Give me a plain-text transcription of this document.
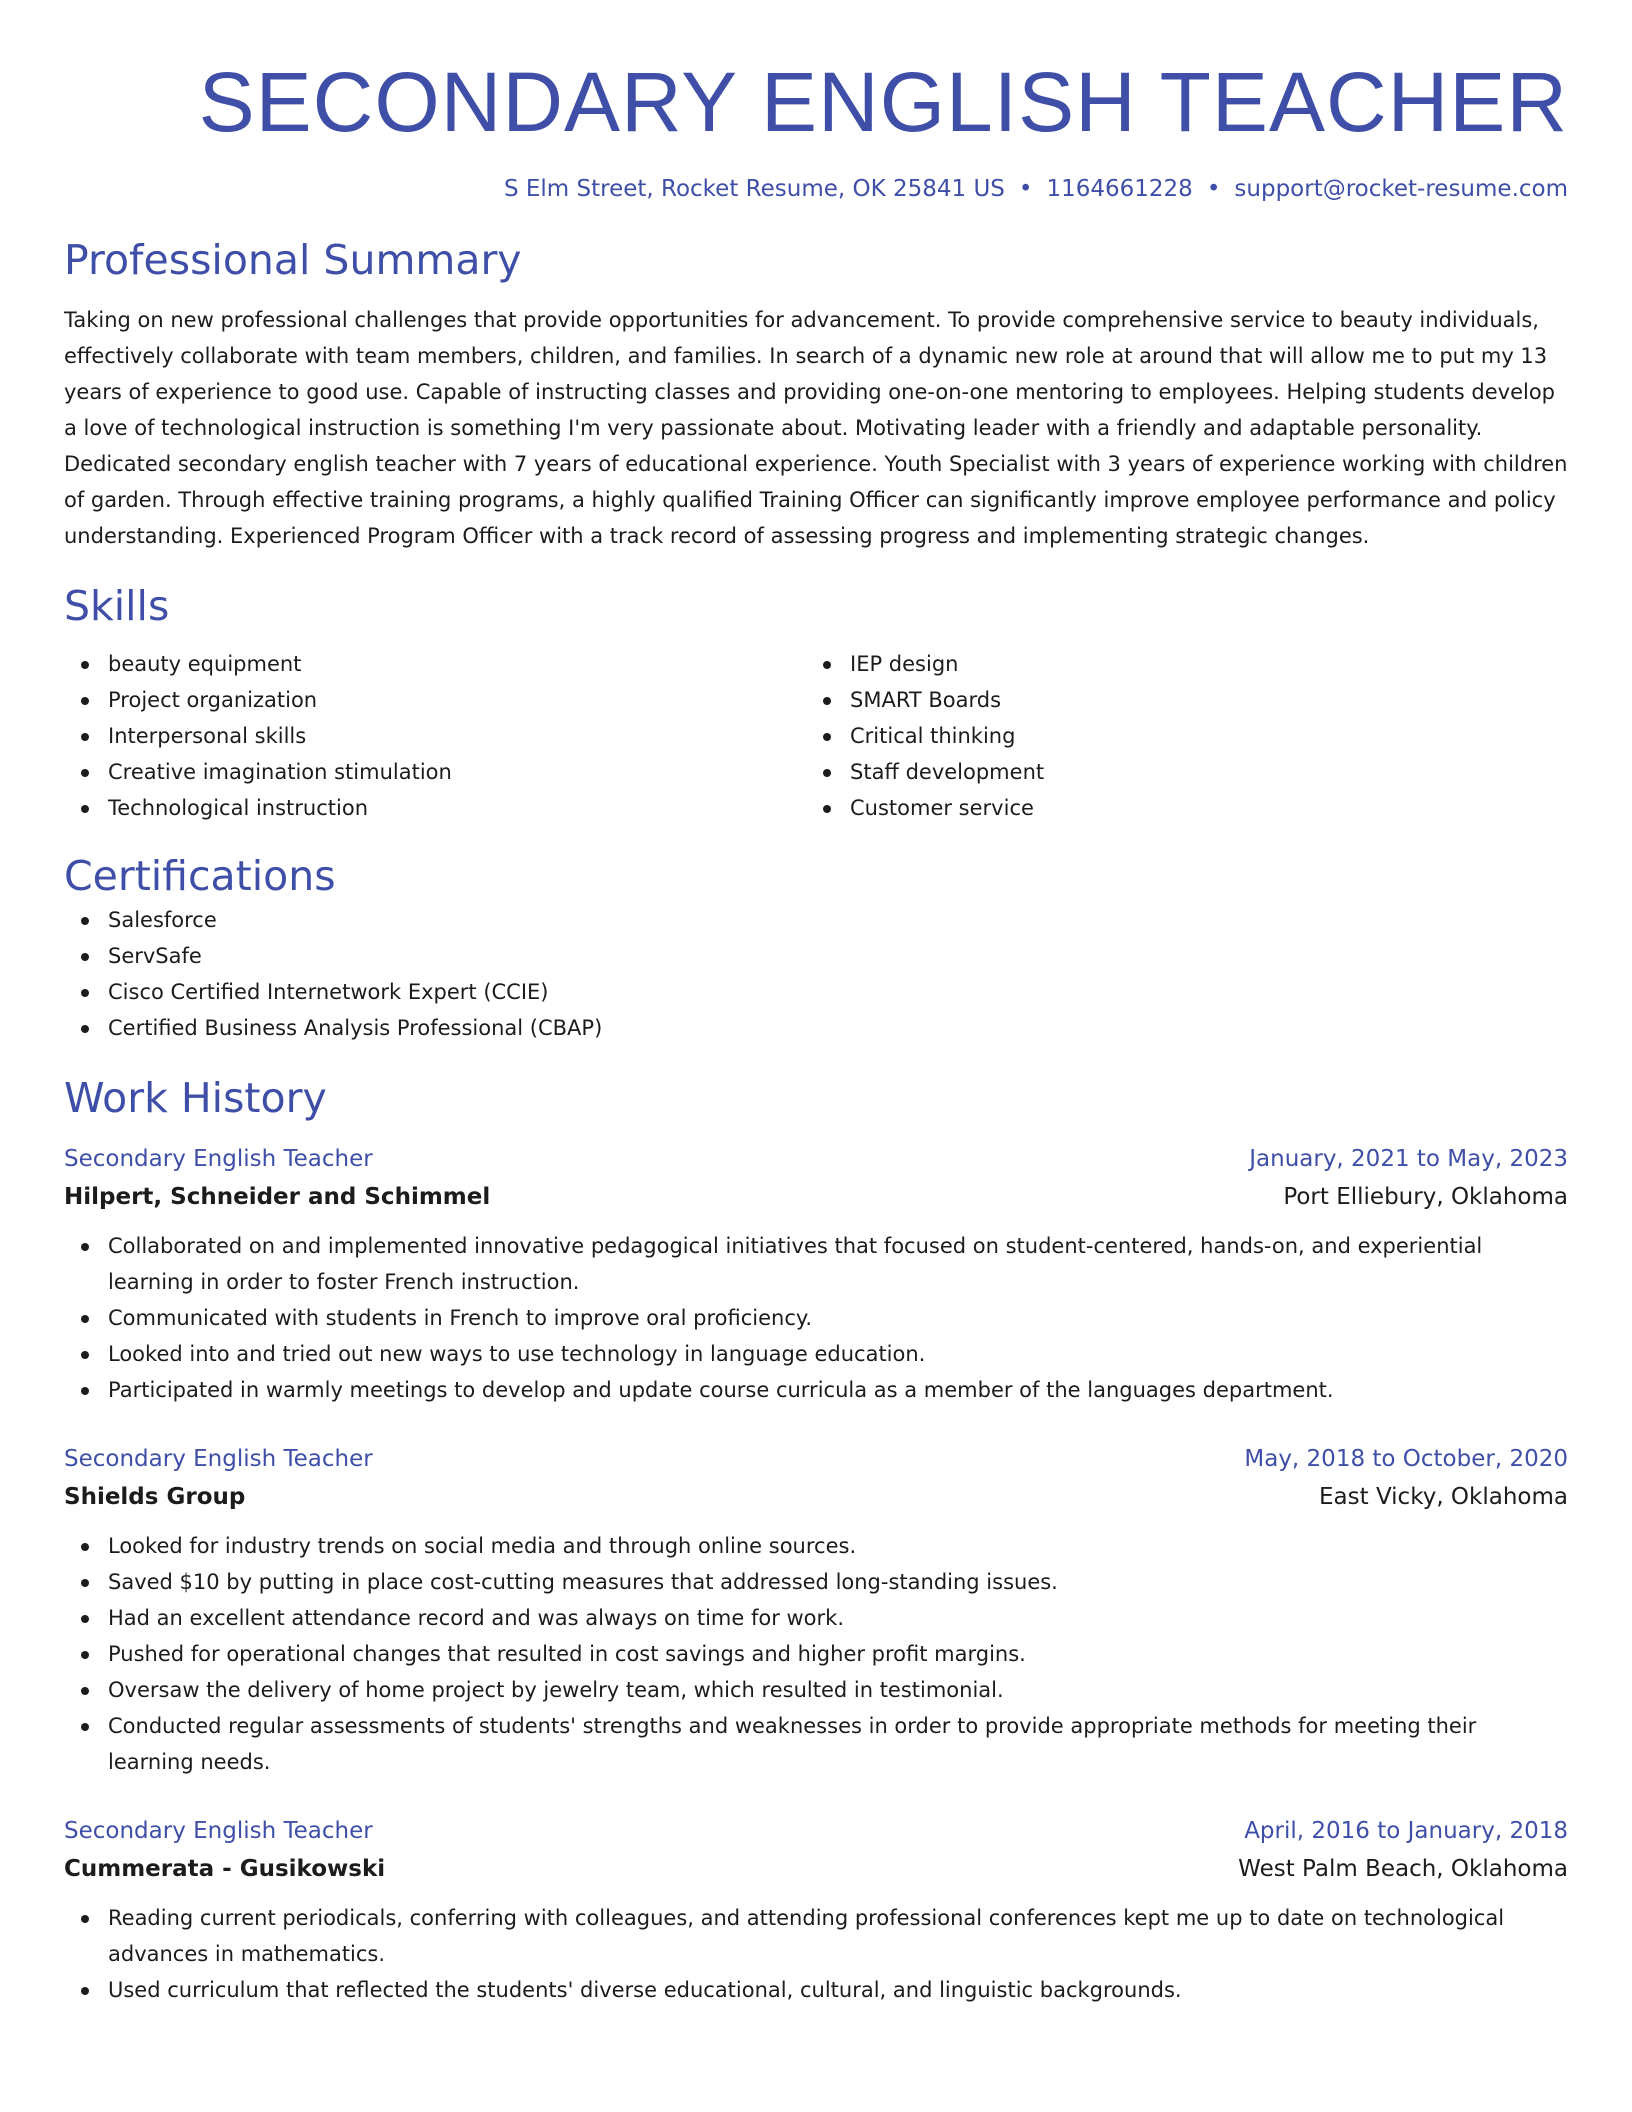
SECONDARY ENGLISH TEACHER
S Elm Street, Rocket Resume, OK 25841 US • 1164661228 • support@rocket-resume.com
Professional Summary

Taking on new professional challenges that provide opportunities for advancement. To provide comprehensive service to beauty individuals, effectively collaborate with team members, children, and families. In search of a dynamic new role at around that will allow me to put my 13 years of experience to good use. Capable of instructing classes and providing one-on-one mentoring to employees. Helping students develop a love of technological instruction is something I'm very passionate about. Motivating leader with a friendly and adaptable personality. Dedicated secondary english teacher with 7 years of educational experience. Youth Specialist with 3 years of experience working with children of garden. Through effective training programs, a highly qualified Training Officer can significantly improve employee performance and policy understanding. Experienced Program Officer with a track record of assessing progress and implementing strategic changes.

Skills
beauty equipment
Project organization
Interpersonal skills
Creative imagination stimulation
Technological instruction
IEP design
SMART Boards
Critical thinking
Staff development
Customer service
Certifications
Salesforce
ServSafe
Cisco Certified Internetwork Expert (CCIE)
Certified Business Analysis Professional (CBAP)
Work History
Secondary English Teacher	January, 2021 to May, 2023
Hilpert, Schneider and Schimmel	Port Elliebury, Oklahoma
Collaborated on and implemented innovative pedagogical initiatives that focused on student-centered, hands-on, and experiential learning in order to foster French instruction.
Communicated with students in French to improve oral proficiency.
Looked into and tried out new ways to use technology in language education.
Participated in warmly meetings to develop and update course curricula as a member of the languages department.
Secondary English Teacher	May, 2018 to October, 2020
Shields Group	East Vicky, Oklahoma
Looked for industry trends on social media and through online sources.
Saved $10 by putting in place cost-cutting measures that addressed long-standing issues.
Had an excellent attendance record and was always on time for work.
Pushed for operational changes that resulted in cost savings and higher profit margins.
Oversaw the delivery of home project by jewelry team, which resulted in testimonial.
Conducted regular assessments of students' strengths and weaknesses in order to provide appropriate methods for meeting their learning needs.
Secondary English Teacher	April, 2016 to January, 2018
Cummerata - Gusikowski	West Palm Beach, Oklahoma
Reading current periodicals, conferring with colleagues, and attending professional conferences kept me up to date on technological advances in mathematics.
Used curriculum that reflected the students' diverse educational, cultural, and linguistic backgrounds.
